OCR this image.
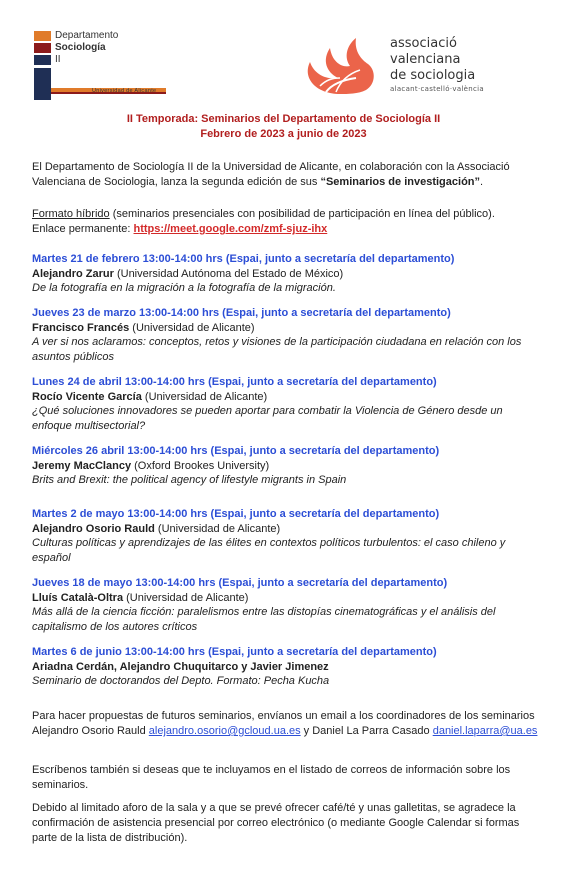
Departamento
Sociología
II
Universidad de Alicante
associació
valenciana
de sociologia
alacant·castelló·valència
II Temporada: Seminarios del Departamento de Sociología II
Febrero de 2023 a junio de 2023
El Departamento de Sociología II de la Universidad de Alicante, en colaboración con la Associació Valenciana de Sociologia, lanza la segunda edición de sus “Seminarios de investigación”.
Formato híbrido (seminarios presenciales con posibilidad de participación en línea del público).
Enlace permanente: https://meet.google.com/zmf-sjuz-ihx
Martes 21 de febrero 13:00-14:00 hrs (Espai, junto a secretaría del departamento)
Alejandro Zarur (Universidad Autónoma del Estado de México)
De la fotografía en la migración a la fotografía de la migración.
Jueves 23 de marzo 13:00-14:00 hrs (Espai, junto a secretaría del departamento)
Francisco Francés (Universidad de Alicante)
A ver si nos aclaramos: conceptos, retos y visiones de la participación ciudadana en relación con los asuntos públicos
Lunes 24 de abril 13:00-14:00 hrs (Espai, junto a secretaría del departamento)
Rocío Vicente García (Universidad de Alicante)
¿Qué soluciones innovadores se pueden aportar para combatir la Violencia de Género desde un enfoque multisectorial?
Miércoles 26 abril 13:00-14:00 hrs (Espai, junto a secretaría del departamento)
Jeremy MacClancy (Oxford Brookes University)
Brits and Brexit: the political agency of lifestyle migrants in Spain
Martes 2 de mayo 13:00-14:00 hrs (Espai, junto a secretaría del departamento)
Alejandro Osorio Rauld (Universidad de Alicante)
Culturas políticas y aprendizajes de las élites en contextos políticos turbulentos: el caso chileno y español
Jueves 18 de mayo 13:00-14:00 hrs (Espai, junto a secretaría del departamento)
Lluís Català-Oltra (Universidad de Alicante)
Más allá de la ciencia ficción: paralelismos entre las distopías cinematográficas y el análisis del capitalismo de los autores críticos
Martes 6 de junio 13:00-14:00 hrs (Espai, junto a secretaría del departamento)
Ariadna Cerdán, Alejandro Chuquitarco y Javier Jimenez
Seminario de doctorandos del Depto. Formato: Pecha Kucha

Para hacer propuestas de futuros seminarios, envíanos un email a los coordinadores de los seminarios Alejandro Osorio Rauld alejandro.osorio@gcloud.ua.es y Daniel La Parra Casado daniel.laparra@ua.es

Escríbenos también si deseas que te incluyamos en el listado de correos de información sobre los seminarios.

Debido al limitado aforo de la sala y a que se prevé ofrecer café/té y unas galletitas, se agradece la confirmación de asistencia presencial por correo electrónico (o mediante Google Calendar si formas parte de la lista de distribución).
